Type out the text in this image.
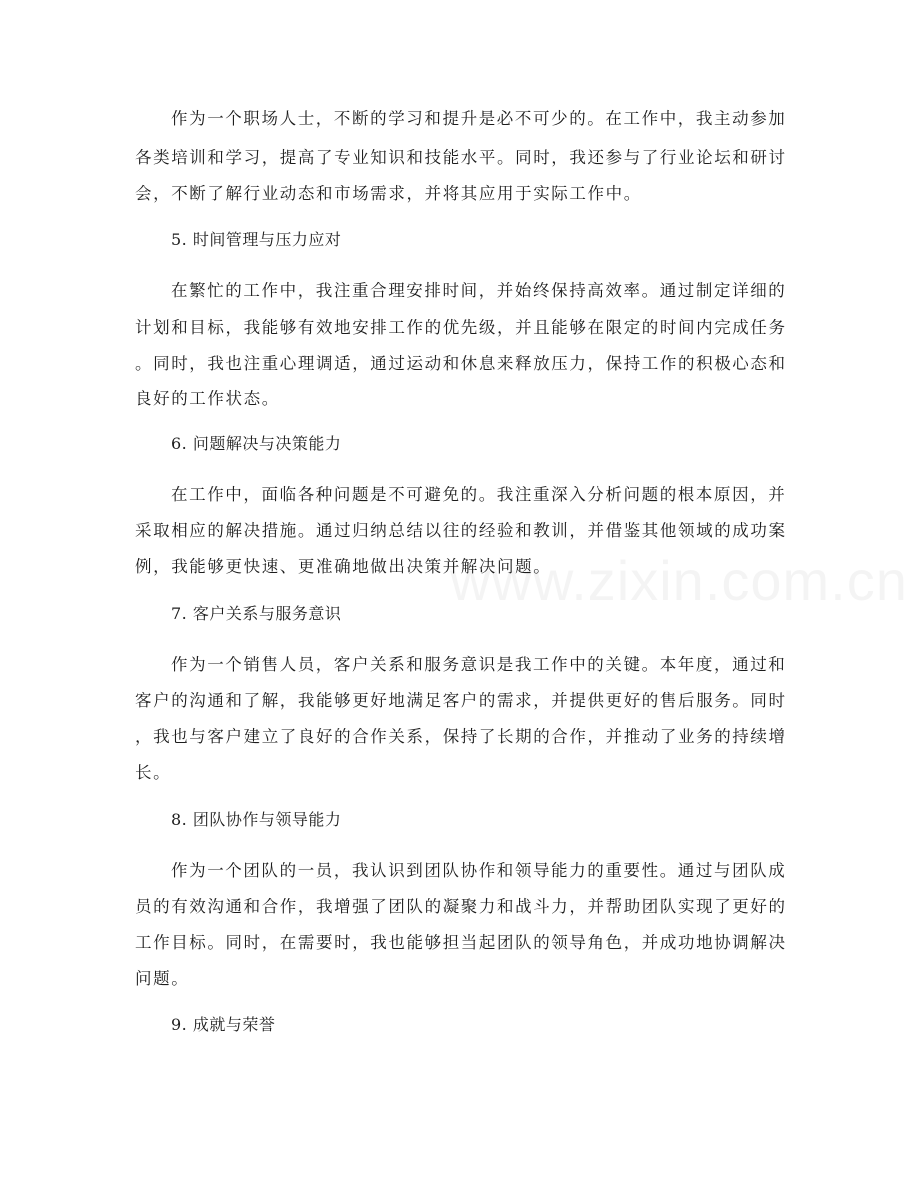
作为一个职场人士，不断的学习和提升是必不可少的。在工作中，我主动参加
各类培训和学习，提高了专业知识和技能水平。同时，我还参与了行业论坛和研讨
会，不断了解行业动态和市场需求，并将其应用于实际工作中。
5. 时间管理与压力应对
在繁忙的工作中，我注重合理安排时间，并始终保持高效率。通过制定详细的
计划和目标，我能够有效地安排工作的优先级，并且能够在限定的时间内完成任务
。同时，我也注重心理调适，通过运动和休息来释放压力，保持工作的积极心态和
良好的工作状态。
6. 问题解决与决策能力
在工作中，面临各种问题是不可避免的。我注重深入分析问题的根本原因，并
采取相应的解决措施。通过归纳总结以往的经验和教训，并借鉴其他领域的成功案
例，我能够更快速、更准确地做出决策并解决问题。
7. 客户关系与服务意识
作为一个销售人员，客户关系和服务意识是我工作中的关键。本年度，通过和
客户的沟通和了解，我能够更好地满足客户的需求，并提供更好的售后服务。同时
，我也与客户建立了良好的合作关系，保持了长期的合作，并推动了业务的持续增
长。
8. 团队协作与领导能力
作为一个团队的一员，我认识到团队协作和领导能力的重要性。通过与团队成
员的有效沟通和合作，我增强了团队的凝聚力和战斗力，并帮助团队实现了更好的
工作目标。同时，在需要时，我也能够担当起团队的领导角色，并成功地协调解决
问题。
9. 成就与荣誉
